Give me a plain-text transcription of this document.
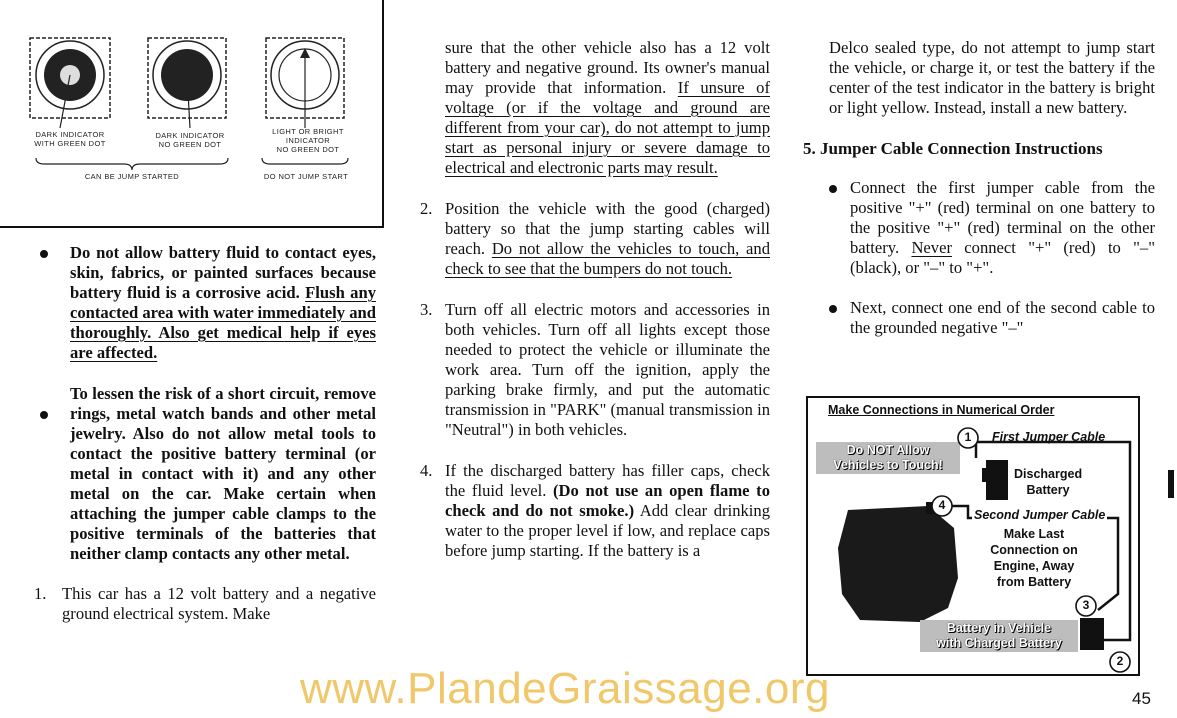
DARK INDICATOR
WITH GREEN DOT
DARK INDICATOR
NO GREEN DOT
LIGHT OR BRIGHT
INDICATOR
NO GREEN DOT
CAN BE JUMP STARTED	DO NOT JUMP START

Do not allow battery fluid to contact eyes, skin, fabrics, or painted surfaces because battery fluid is a corrosive acid. Flush any contacted area with water immediately and thoroughly. Also get medical help if eyes are affected.

To lessen the risk of a short circuit, remove rings, metal watch bands and other metal jewelry. Also do not allow metal tools to contact the positive battery terminal (or metal in contact with it) and any other metal on the car. Make certain when attaching the jumper cable clamps to the positive terminals of the batteries that neither clamp contacts any other metal.

1. This car has a 12 volt battery and a negative ground electrical system. Make

sure that the other vehicle also has a 12 volt battery and negative ground. Its owner's manual may provide that information. If unsure of voltage (or if the voltage and ground are different from your car), do not attempt to jump start as personal injury or severe damage to electrical and electronic parts may result.

2. Position the vehicle with the good (charged) battery so that the jump starting cables will reach. Do not allow the vehicles to touch, and check to see that the bumpers do not touch.

3. Turn off all electric motors and accessories in both vehicles. Turn off all lights except those needed to protect the vehicle or illuminate the work area. Turn off the ignition, apply the parking brake firmly, and put the automatic transmission in "PARK" (manual transmission in "Neutral") in both vehicles.

4. If the discharged battery has filler caps, check the fluid level. (Do not use an open flame to check and do not smoke.) Add clear drinking water to the proper level if low, and replace caps before jump starting. If the battery is a

Delco sealed type, do not attempt to jump start the vehicle, or charge it, or test the battery if the center of the test indicator in the battery is bright or light yellow. Instead, install a new battery.

5. Jumper Cable Connection Instructions

Connect the first jumper cable from the positive "+" (red) terminal on one battery to the positive "+" (red) terminal on the other battery. Never connect "+" (red) to "–" (black), or "–" to "+".

Next, connect one end of the second cable to the grounded negative "–"

Make Connections in Numerical Order
Do NOT Allow
Vehicles to Touch!
First Jumper Cable
Discharged
Battery
Second Jumper Cable
Make Last
Connection on
Engine, Away
from Battery
Battery in Vehicle
with Charged Battery
1
2
3
4
www.PlandeGraissage.org	45
